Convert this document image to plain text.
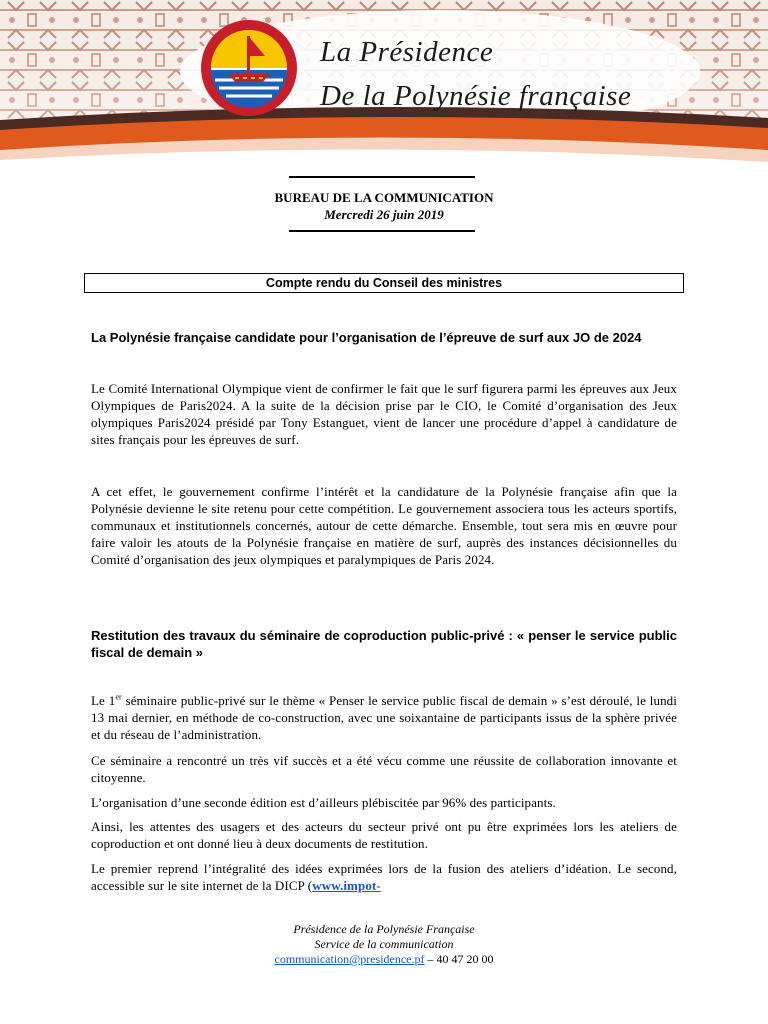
La Présidence
De la Polynésie française
BUREAU DE LA COMMUNICATION
Mercredi 26 juin 2019
Compte rendu du Conseil des ministres
La Polynésie française candidate pour l’organisation de l’épreuve de surf aux JO de 2024
Le Comité International Olympique vient de confirmer le fait que le surf figurera parmi les épreuves aux Jeux Olympiques de Paris2024. A la suite de la décision prise par le CIO, le Comité d’organisation des Jeux olympiques Paris2024 présidé par Tony Estanguet, vient de lancer une procédure d’appel à candidature de sites français pour les épreuves de surf.
A cet effet, le gouvernement confirme l’intérêt et la candidature de la Polynésie française afin que la Polynésie devienne le site retenu pour cette compétition. Le gouvernement associera tous les acteurs sportifs, communaux et institutionnels concernés, autour de cette démarche. Ensemble, tout sera mis en œuvre pour faire valoir les atouts de la Polynésie française en matière de surf, auprès des instances décisionnelles du Comité d’organisation des jeux olympiques et paralympiques de Paris 2024.
Restitution des travaux du séminaire de coproduction public-privé : « penser le service public fiscal de demain »
Le 1er séminaire public-privé sur le thème « Penser le service public fiscal de demain » s’est déroulé, le lundi 13 mai dernier, en méthode de co-construction, avec une soixantaine de participants issus de la sphère privée et du réseau de l’administration.
Ce séminaire a rencontré un très vif succès et a été vécu comme une réussite de collaboration innovante et citoyenne.
L’organisation d’une seconde édition est d’ailleurs plébiscitée par 96% des participants.
Ainsi, les attentes des usagers et des acteurs du secteur privé ont pu être exprimées lors les ateliers de coproduction et ont donné lieu à deux documents de restitution.
Le premier reprend l’intégralité des idées exprimées lors de la fusion des ateliers d’idéation. Le second, accessible sur le site internet de la DICP (www.impot-
Présidence de la Polynésie Française
Service de la communication
communication@presidence.pf – 40 47 20 00
